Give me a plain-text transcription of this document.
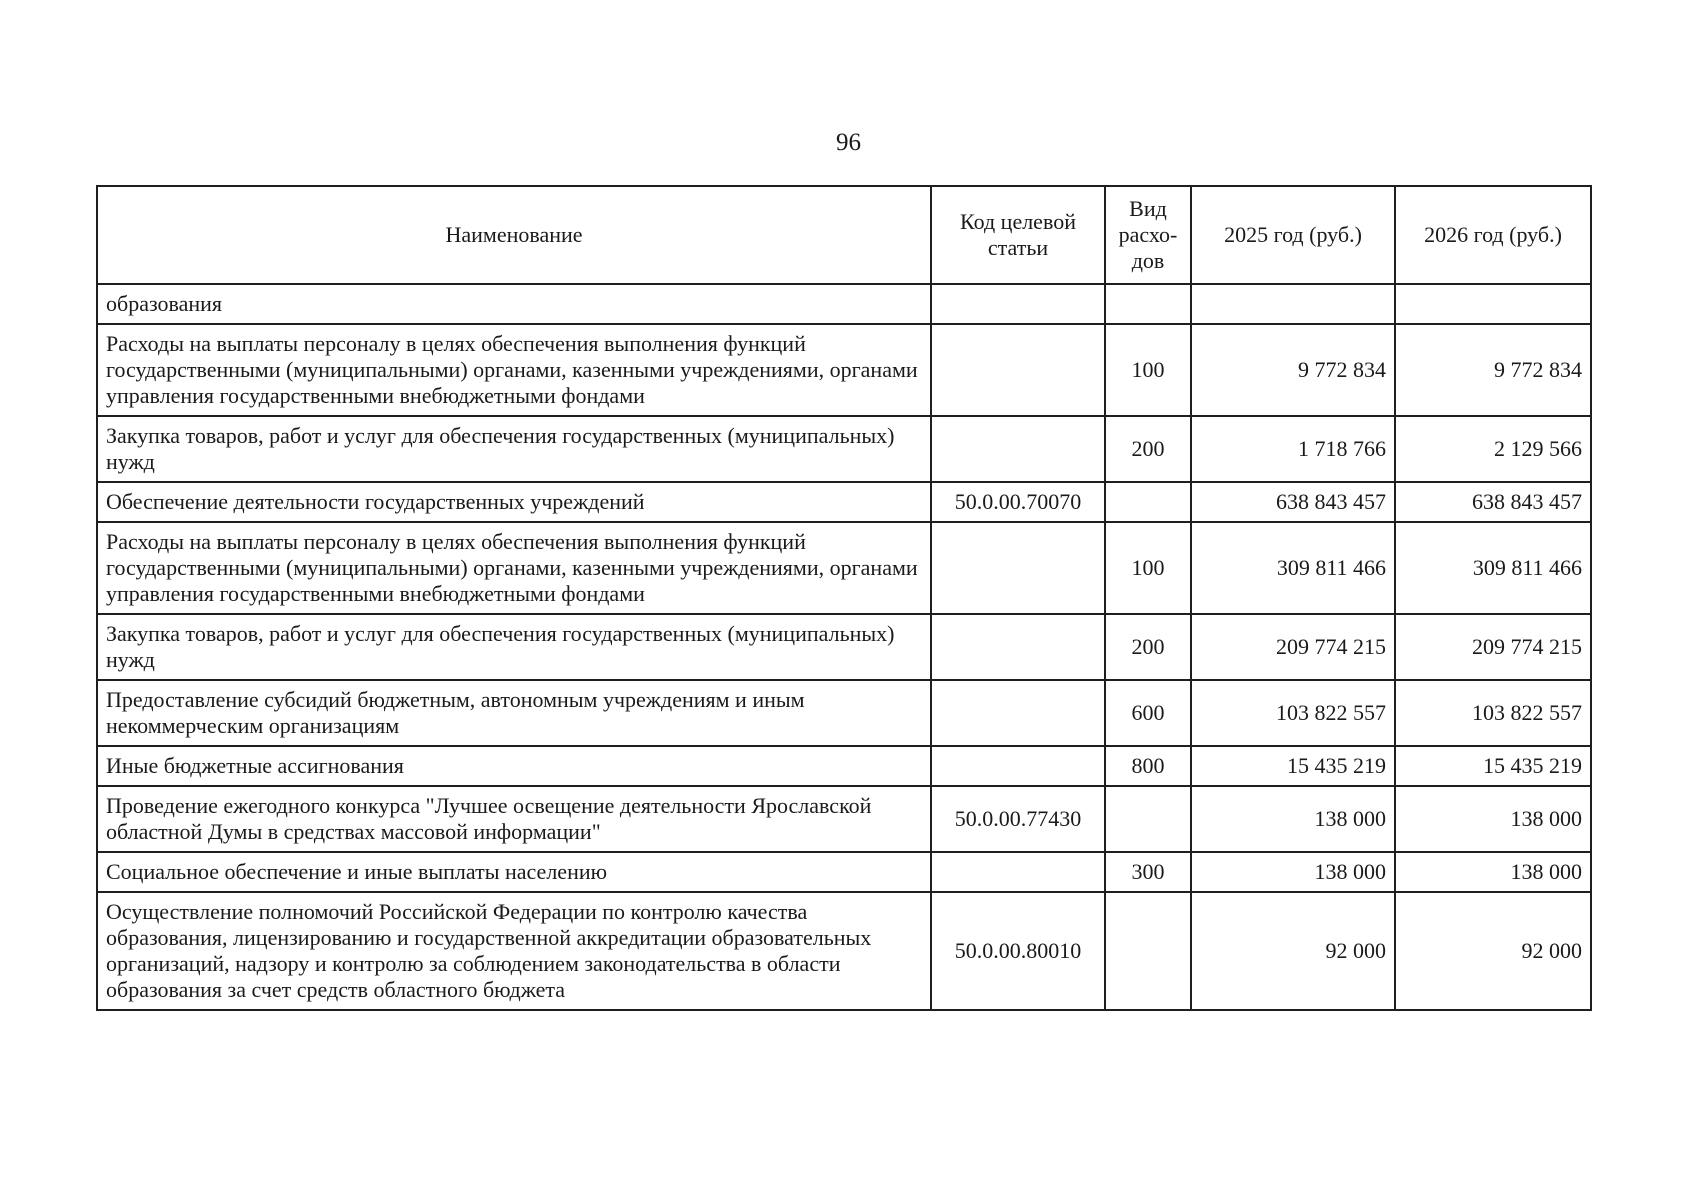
96
Наименование	Код целевой статьи	Вид расхо-дов	2025 год (руб.)	2026 год (руб.)
образования				
Расходы на выплаты персоналу в целях обеспечения выполнения функций государственными (муниципальными) органами, казенными учреждениями, органами управления государственными внебюджетными фондами		100	9 772 834	9 772 834
Закупка товаров, работ и услуг для обеспечения государственных (муниципальных) нужд		200	1 718 766	2 129 566
Обеспечение деятельности государственных учреждений	50.0.00.70070		638 843 457	638 843 457
Расходы на выплаты персоналу в целях обеспечения выполнения функций государственными (муниципальными) органами, казенными учреждениями, органами управления государственными внебюджетными фондами		100	309 811 466	309 811 466
Закупка товаров, работ и услуг для обеспечения государственных (муниципальных) нужд		200	209 774 215	209 774 215
Предоставление субсидий бюджетным, автономным учреждениям и иным некоммерческим организациям		600	103 822 557	103 822 557
Иные бюджетные ассигнования		800	15 435 219	15 435 219
Проведение ежегодного конкурса "Лучшее освещение деятельности Ярославской областной Думы в средствах массовой информации"	50.0.00.77430		138 000	138 000
Социальное обеспечение и иные выплаты населению		300	138 000	138 000
Осуществление полномочий Российской Федерации по контролю качества образования, лицензированию и государственной аккредитации образовательных организаций, надзору и контролю за соблюдением законодательства в области образования за счет средств областного бюджета	50.0.00.80010		92 000	92 000
